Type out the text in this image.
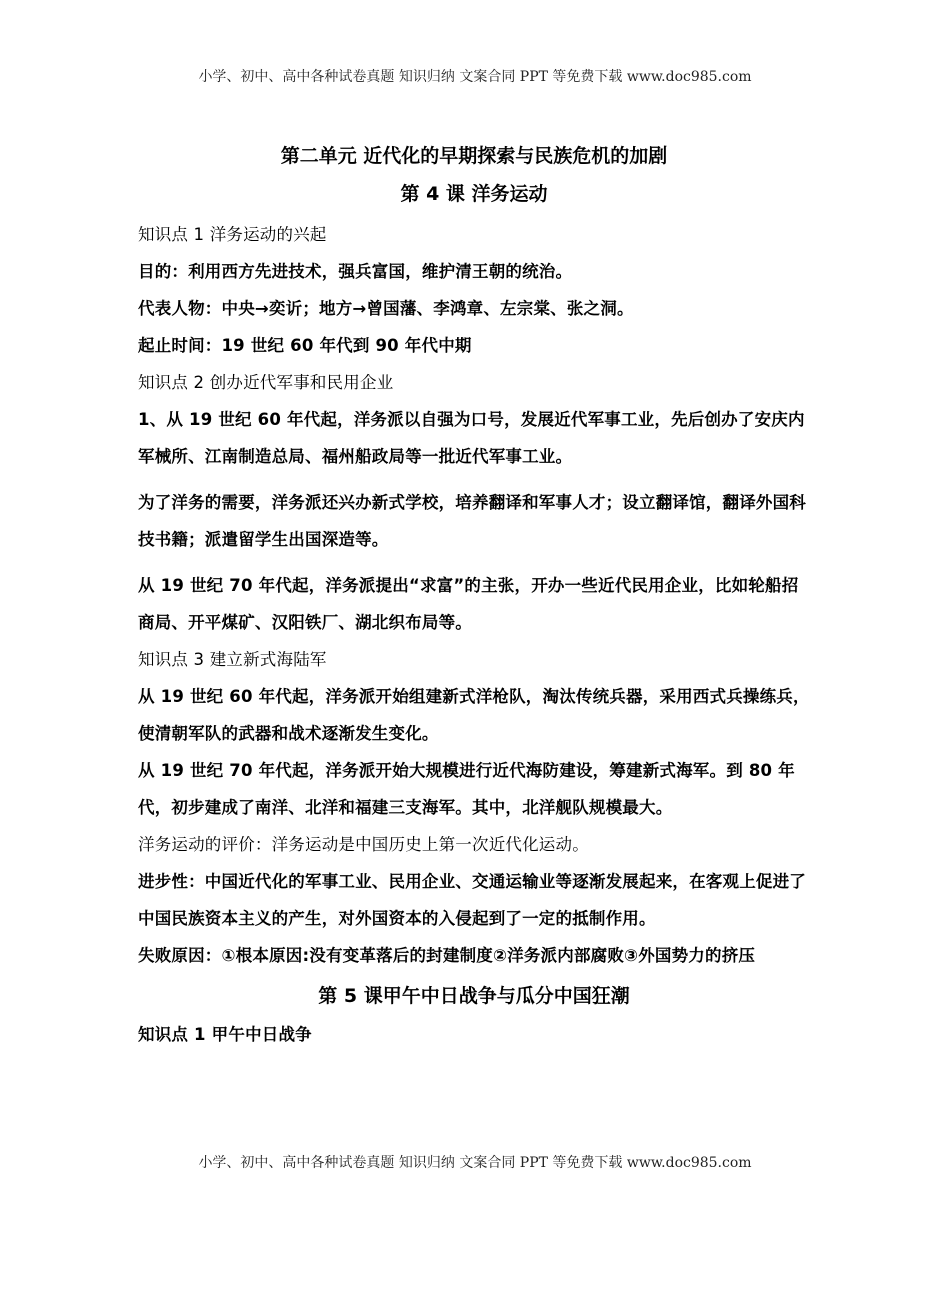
小学、初中、高中各种试卷真题 知识归纳 文案合同 PPT 等免费下载 www.doc985.com
第二单元 近代化的早期探索与民族危机的加剧
第 4 课 洋务运动

知识点 1 洋务运动的兴起

目的：利用西方先进技术，强兵富国，维护清王朝的统治。

代表人物：中央→奕䜣；地方→曾国藩、李鸿章、左宗棠、张之洞。

起止时间：19 世纪 60 年代到 90 年代中期

知识点 2 创办近代军事和民用企业

1、从 19 世纪 60 年代起，洋务派以自强为口号，发展近代军事工业，先后创办了安庆内军械所、江南制造总局、福州船政局等一批近代军事工业。

为了洋务的需要，洋务派还兴办新式学校，培养翻译和军事人才；设立翻译馆，翻译外国科技书籍；派遣留学生出国深造等。

从 19 世纪 70 年代起，洋务派提出“求富”的主张，开办一些近代民用企业，比如轮船招商局、开平煤矿、汉阳铁厂、湖北织布局等。

知识点 3 建立新式海陆军

从 19 世纪 60 年代起，洋务派开始组建新式洋枪队，淘汰传统兵器，采用西式兵操练兵，使清朝军队的武器和战术逐渐发生变化。

从 19 世纪 70 年代起，洋务派开始大规模进行近代海防建设，筹建新式海军。到 80 年代，初步建成了南洋、北洋和福建三支海军。其中，北洋舰队规模最大。

洋务运动的评价：洋务运动是中国历史上第一次近代化运动。

进步性：中国近代化的军事工业、民用企业、交通运输业等逐渐发展起来，在客观上促进了中国民族资本主义的产生，对外国资本的入侵起到了一定的抵制作用。

失败原因：①根本原因:没有变革落后的封建制度②洋务派内部腐败③外国势力的挤压

第 5 课甲午中日战争与瓜分中国狂潮

知识点 1 甲午中日战争

小学、初中、高中各种试卷真题 知识归纳 文案合同 PPT 等免费下载 www.doc985.com
